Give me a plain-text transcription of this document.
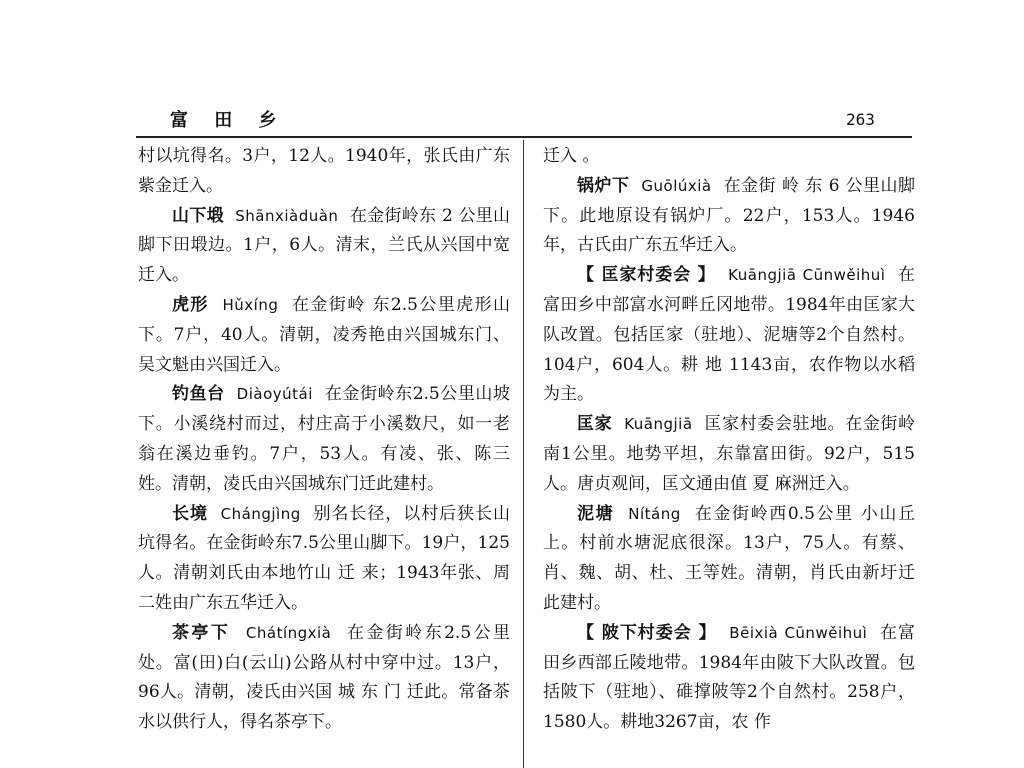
富 田 乡	263

村以坑得名。3户，12人。1940年，张氏由广东紫金迁入。

山下塅 Shānxiàduàn 在金街岭东 2 公里山脚下田塅边。1户，6人。清末，兰氏从兴国中宽迁入。

虎形 Hǔxíng 在金街岭 东2.5公里虎形山下。7户，40人。清朝，凌秀艳由兴国城东门、吴文魁由兴国迁入。

钓鱼台 Diàoyútái 在金街岭东2.5公里山坡下。小溪绕村而过，村庄高于小溪数尺，如一老翁在溪边垂钓。7户，53人。有凌、张、陈三姓。清朝，凌氏由兴国城东门迁此建村。

长境 Chángjìng 别名长径，以村后狭长山坑得名。在金街岭东7.5公里山脚下。19户，125人。清朝刘氏由本地竹山 迁 来；1943年张、周二姓由广东五华迁入。

茶亭下 Chátíngxià 在金街岭东2.5公里处。富(田)白(云山)公路从村中穿中过。13户，96人。清朝，凌氏由兴国 城 东 门 迁此。常备茶水以供行人，得名茶亭下。

迁入 。

锅炉下 Guōlúxià 在金街 岭 东 6 公里山脚下。此地原设有锅炉厂。22户，153人。1946年，古氏由广东五华迁入。

【 匡家村委会 】 Kuāngjiā Cūnwěihuì 在富田乡中部富水河畔丘冈地带。1984年由匡家大队改置。包括匡家（驻地）、泥塘等2个自然村。104户，604人。耕 地 1143亩，农作物以水稻为主。

匡家 Kuāngjiā 匡家村委会驻地。在金街岭南1公里。地势平坦，东靠富田街。92户，515人。唐贞观间，匡文通由值 夏 麻洲迁入。

泥塘 Nítáng 在金街岭西0.5公里 小山丘上。村前水塘泥底很深。13户，75人。有蔡、肖、魏、胡、杜、王等姓。清朝，肖氏由新圩迁此建村。

【 陂下村委会 】 Bēixià Cūnwěihuì 在富田乡西部丘陵地带。1984年由陂下大队改置。包括陂下（驻地）、碓撑陂等2个自然村。258户，1580人。耕地3267亩，农 作
